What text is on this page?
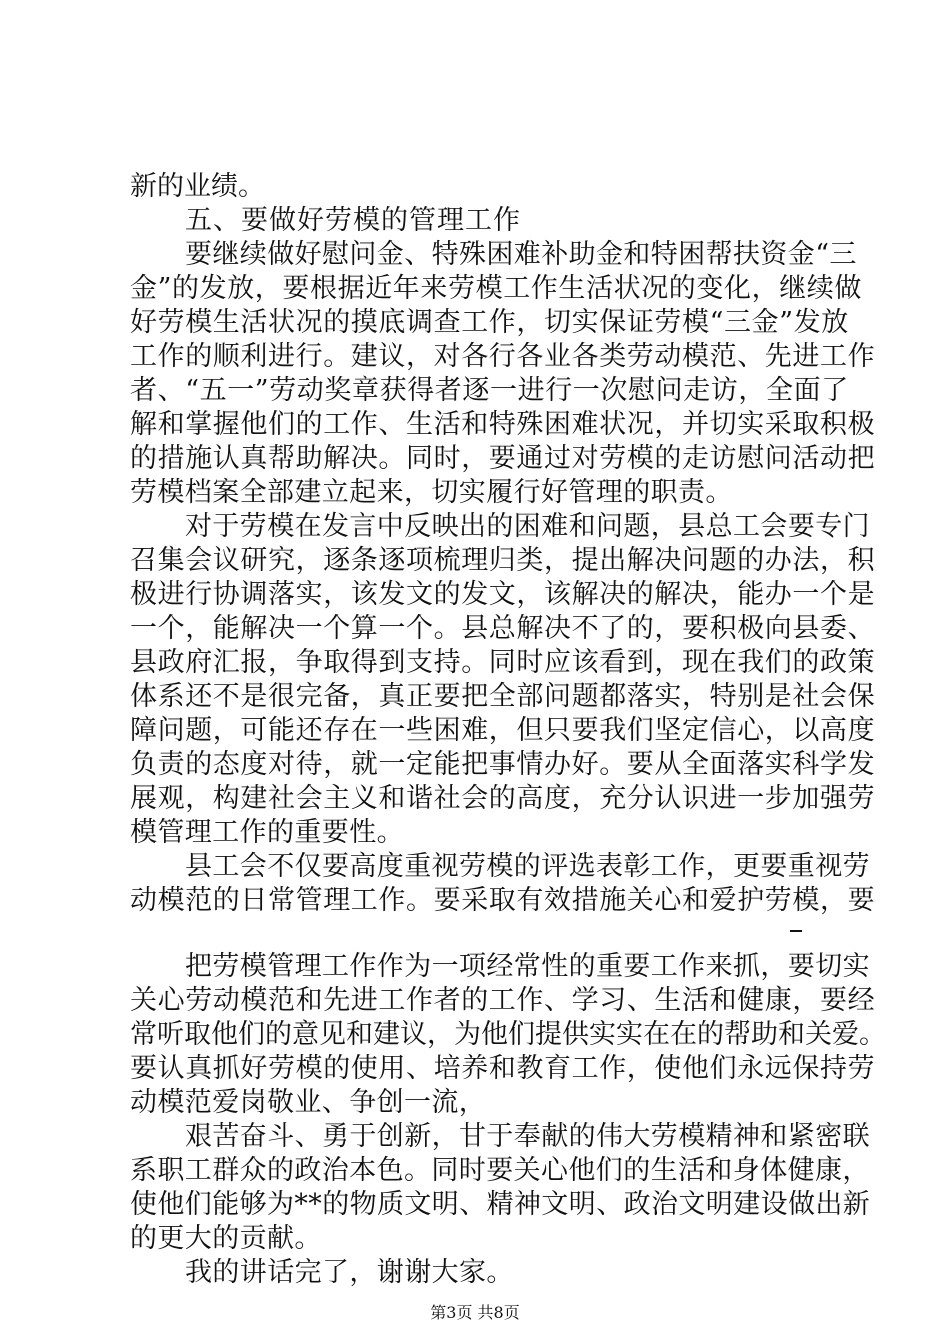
新的业绩。
五、要做好劳模的管理工作
要继续做好慰问金、特殊困难补助金和特困帮扶资金“三
金”的发放，要根据近年来劳模工作生活状况的变化，继续做
好劳模生活状况的摸底调查工作，切实保证劳模“三金”发放
工作的顺利进行。建议，对各行各业各类劳动模范、先进工作
者、“五一”劳动奖章获得者逐一进行一次慰问走访，全面了
解和掌握他们的工作、生活和特殊困难状况，并切实采取积极
的措施认真帮助解决。同时，要通过对劳模的走访慰问活动把
劳模档案全部建立起来，切实履行好管理的职责。
对于劳模在发言中反映出的困难和问题，县总工会要专门
召集会议研究，逐条逐项梳理归类，提出解决问题的办法，积
极进行协调落实，该发文的发文，该解决的解决，能办一个是
一个，能解决一个算一个。县总解决不了的，要积极向县委、
县政府汇报，争取得到支持。同时应该看到，现在我们的政策
体系还不是很完备，真正要把全部问题都落实，特别是社会保
障问题，可能还存在一些困难，但只要我们坚定信心，以高度
负责的态度对待，就一定能把事情办好。要从全面落实科学发
展观，构建社会主义和谐社会的高度，充分认识进一步加强劳
模管理工作的重要性。
县工会不仅要高度重视劳模的评选表彰工作，更要重视劳
动模范的日常管理工作。要采取有效措施关心和爱护劳模，要
把劳模管理工作作为一项经常性的重要工作来抓，要切实
关心劳动模范和先进工作者的工作、学习、生活和健康，要经
常听取他们的意见和建议，为他们提供实实在在的帮助和关爱。
要认真抓好劳模的使用、培养和教育工作，使他们永远保持劳
动模范爱岗敬业、争创一流，
艰苦奋斗、勇于创新，甘于奉献的伟大劳模精神和紧密联
系职工群众的政治本色。同时要关心他们的生活和身体健康，
使他们能够为**的物质文明、精神文明、政治文明建设做出新
的更大的贡献。
我的讲话完了，谢谢大家。
第3页 共8页
